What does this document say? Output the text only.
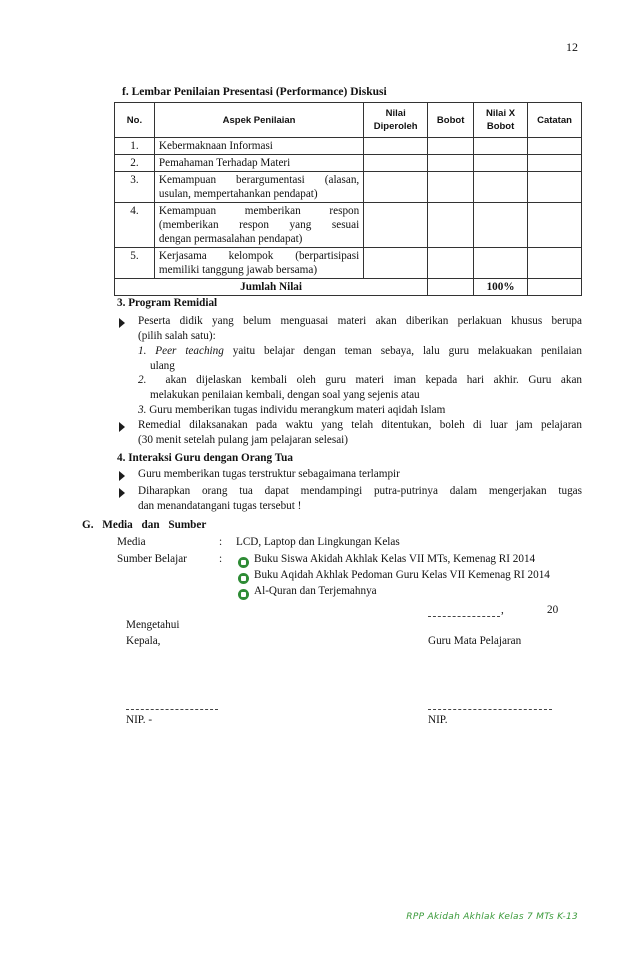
12
f. Lembar Penilaian Presentasi (Performance) Diskusi
No.	Aspek Penilaian	Nilai Diperoleh	Bobot	Nilai X Bobot	Catatan
1.	Kebermaknaan Informasi				

2.	Pemahaman Terhadap Materi				

3.	Kemampuan berargumentasi (alasan,
usulan, mempertahankan pendapat)				

4.	Kemampuan memberikan respon
(memberikan respon yang sesuai
dengan permasalahan pendapat)				

5.	Kerjasama kelompok (berpartisipasi
memiliki tanggung jawab bersama)				

Jumlah Nilai				100%	
3. Program Remidial
Peserta didik yang belum menguasai materi akan diberikan perlakuan khusus berupa
(pilih salah satu):
1. Peer teaching yaitu belajar dengan teman sebaya, lalu guru melakuakan penilaian
ulang
2. akan dijelaskan kembali oleh guru materi iman kepada hari akhir. Guru akan
melakukan penilaian kembali, dengan soal yang sejenis atau
3. Guru memberikan tugas individu merangkum materi aqidah Islam
Remedial dilaksanakan pada waktu yang telah ditentukan, boleh di luar jam pelajaran
(30 menit setelah pulang jam pelajaran selesai)
4. Interaksi Guru dengan Orang Tua
Guru memberikan tugas terstruktur sebagaimana terlampir
Diharapkan orang tua dapat mendampingi putra-putrinya dalam mengerjakan tugas
dan menandatangani tugas tersebut !
G. Media dan Sumber
Media	: LCD, Laptop dan Lingkungan Kelas
Sumber Belajar	:	Buku Siswa Akidah Akhlak Kelas VII MTs, Kemenag RI 2014
Buku Aqidah Akhlak Pedoman Guru Kelas VII Kemenag RI 2014
Al-Quran dan Terjemahnya
,	20
Mengetahui
Kepala,	Guru Mata Pelajaran
NIP. -	NIP.
RPP Akidah Akhlak Kelas 7 MTs K-13
